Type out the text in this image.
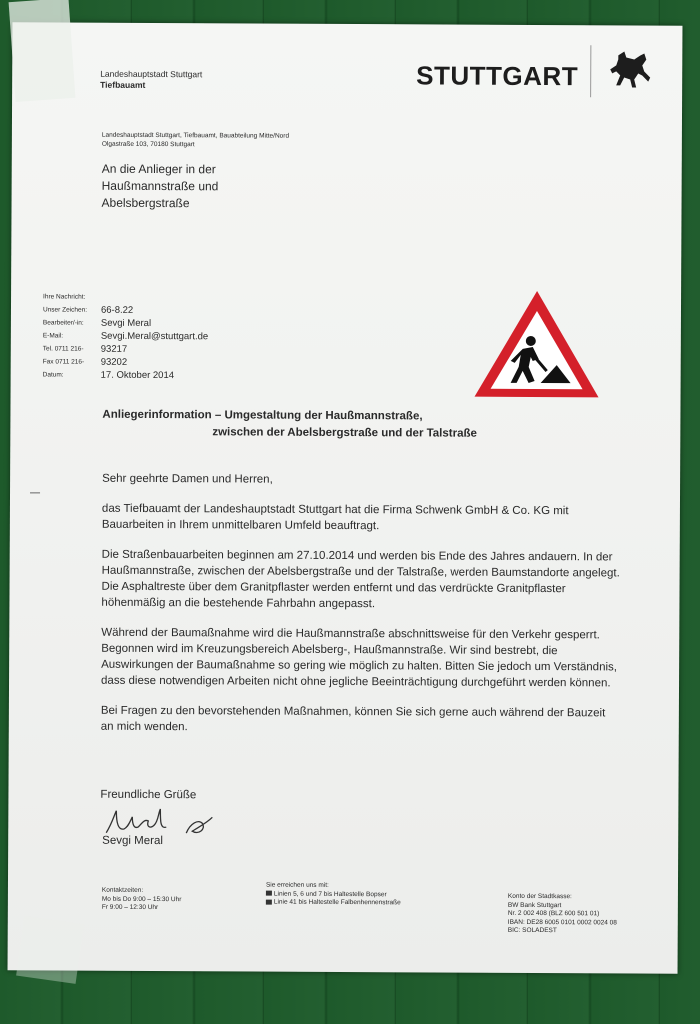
Landeshauptstadt Stuttgart
Tiefbauamt	STUTTGART
Landeshauptstadt Stuttgart, Tiefbauamt, Bauabteilung Mitte/Nord
Olgastraße 103, 70180 Stuttgart
An die Anlieger in der
Haußmannstraße und
Abelsbergstraße
Ihre Nachricht:
Unser Zeichen:	66-8.22
Bearbeiter/-in:	Sevgi Meral
E-Mail:	Sevgi.Meral@stuttgart.de
Tel. 0711 216-	93217
Fax 0711 216-	93202
Datum:	17. Oktober 2014
Anliegerinformation – Umgestaltung der Haußmannstraße,
zwischen der Abelsbergstraße und der Talstraße

Sehr geehrte Damen und Herren,

das Tiefbauamt der Landeshauptstadt Stuttgart hat die Firma Schwenk GmbH & Co. KG mit Bauarbeiten in Ihrem unmittelbaren Umfeld beauftragt.

Die Straßenbauarbeiten beginnen am 27.10.2014 und werden bis Ende des Jahres andauern. In der Haußmannstraße, zwischen der Abelsbergstraße und der Talstraße, werden Baumstandorte angelegt. Die Asphaltreste über dem Granitpflaster werden entfernt und das verdrückte Granitpflaster höhenmäßig an die bestehende Fahrbahn angepasst.

Während der Baumaßnahme wird die Haußmannstraße abschnittsweise für den Verkehr gesperrt. Begonnen wird im Kreuzungsbereich Abelsberg-, Haußmannstraße. Wir sind bestrebt, die Auswirkungen der Baumaßnahme so gering wie möglich zu halten. Bitten Sie jedoch um Verständnis, dass diese notwendigen Arbeiten nicht ohne jegliche Beeinträchtigung durchgeführt werden können.

Bei Fragen zu den bevorstehenden Maßnahmen, können Sie sich gerne auch während der Bauzeit an mich wenden.

Freundliche Grüße
Sevgi Meral
Kontaktzeiten:
Mo bis Do 9:00 – 15:30 Uhr
Fr 9:00 – 12:30 Uhr
Sie erreichen uns mit:
Linien 5, 6 und 7 bis Haltestelle Bopser
Linie 41 bis Haltestelle Falbenhennenstraße
Konto der Stadtkasse:
BW Bank Stuttgart
Nr. 2 002 408 (BLZ 600 501 01)
IBAN: DE28 6005 0101 0002 0024 08
BIC: SOLADEST
